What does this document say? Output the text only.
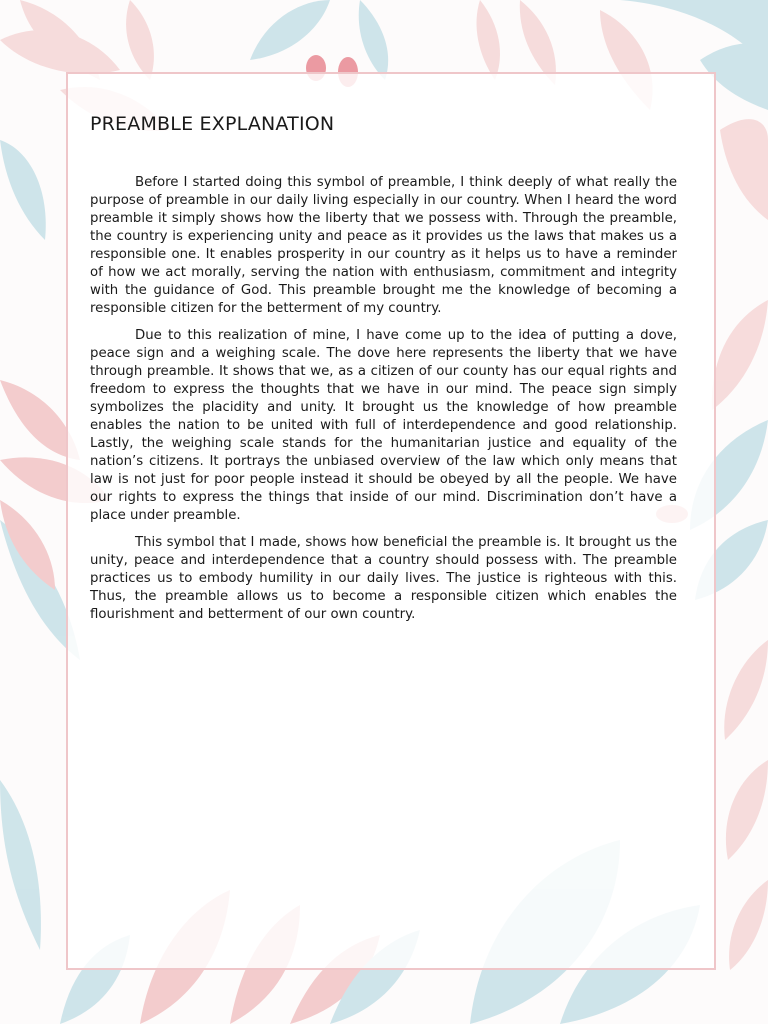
PREAMBLE EXPLANATION

Before I started doing this symbol of preamble, I think deeply of what really the purpose of preamble in our daily living especially in our country. When I heard the word preamble it simply shows how the liberty that we possess with. Through the preamble, the country is experiencing unity and peace as it provides us the laws that makes us a responsible one. It enables prosperity in our country as it helps us to have a reminder of how we act morally, serving the nation with enthusiasm, commitment and integrity with the guidance of God. This preamble brought me the knowledge of becoming a responsible citizen for the betterment of my country.

Due to this realization of mine, I have come up to the idea of putting a dove, peace sign and a weighing scale. The dove here represents the liberty that we have through preamble. It shows that we, as a citizen of our county has our equal rights and freedom to express the thoughts that we have in our mind. The peace sign simply symbolizes the placidity and unity. It brought us the knowledge of how preamble enables the nation to be united with full of interdependence and good relationship. Lastly, the weighing scale stands for the humanitarian justice and equality of the nation’s citizens. It portrays the unbiased overview of the law which only means that law is not just for poor people instead it should be obeyed by all the people. We have our rights to express the things that inside of our mind. Discrimination don’t have a place under preamble.

This symbol that I made, shows how beneficial the preamble is. It brought us the unity, peace and interdependence that a country should possess with. The preamble practices us to embody humility in our daily lives. The justice is righteous with this. Thus, the preamble allows us to become a responsible citizen which enables the flourishment and betterment of our own country.
